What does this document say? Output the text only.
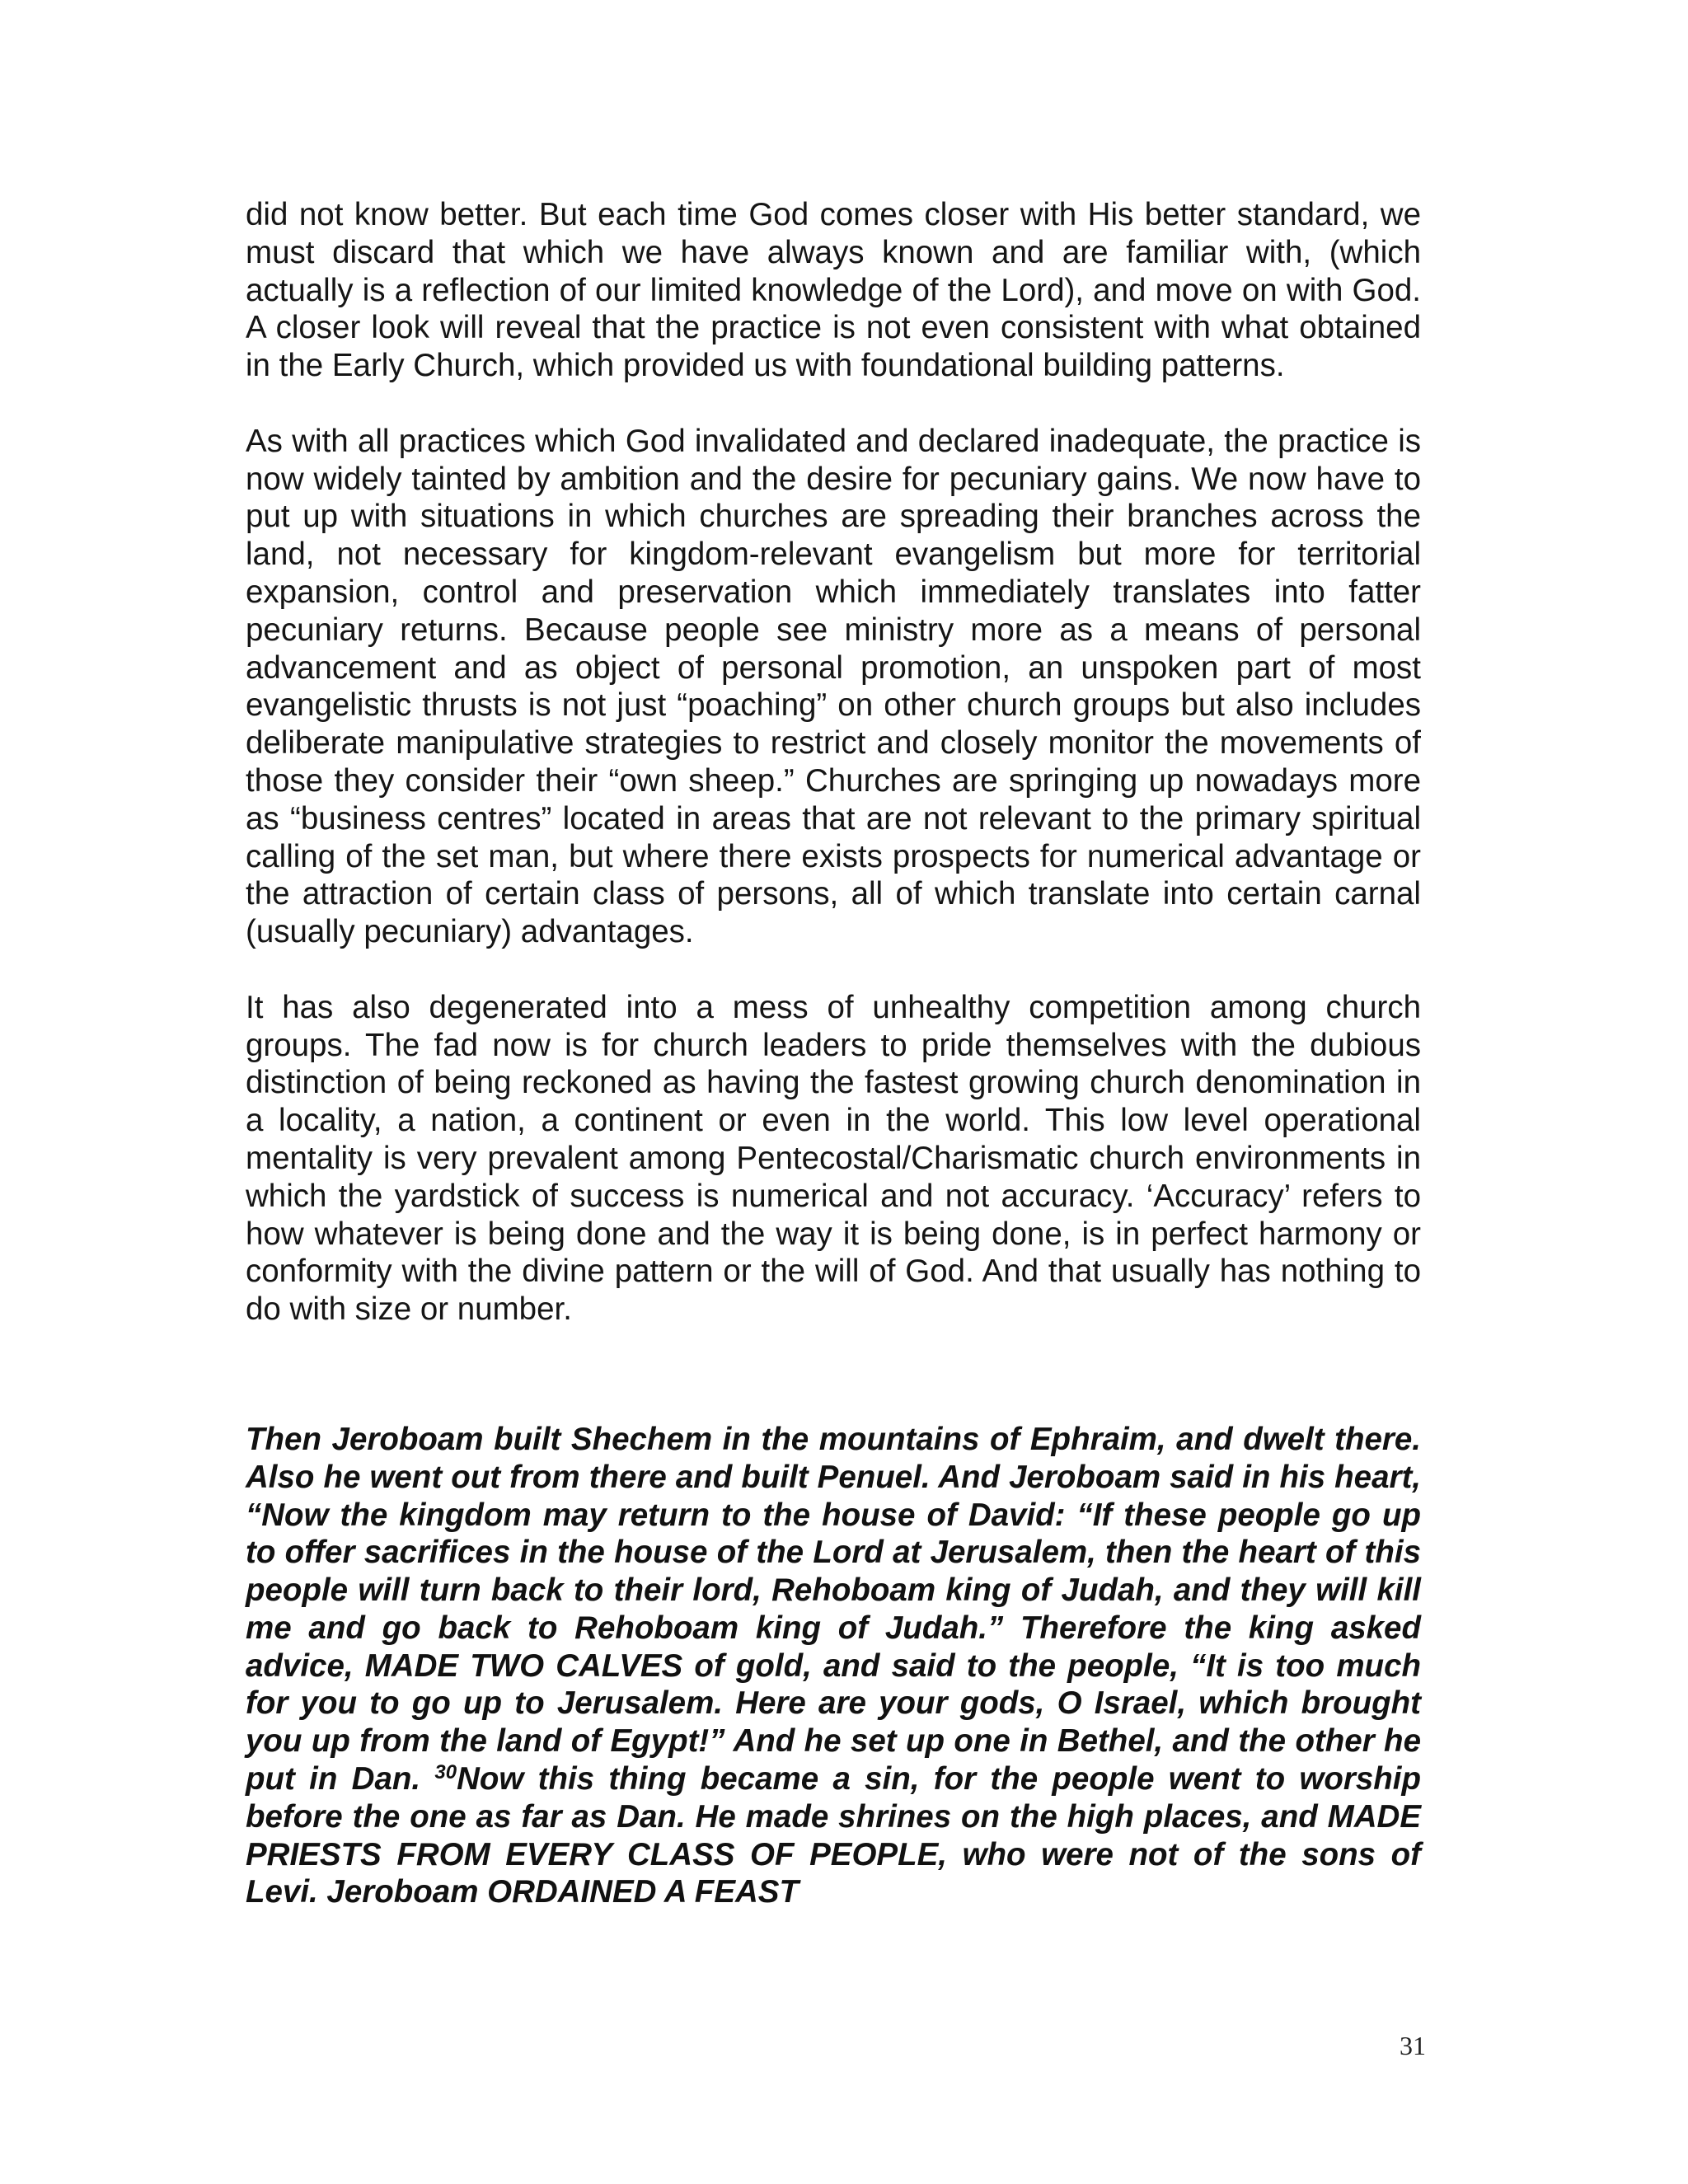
did not know better. But each time God comes closer with His better standard, we must discard that which we have always known and are familiar with, (which actually is a reflection of our limited knowledge of the Lord), and move on with God. A closer look will reveal that the practice is not even consistent with what obtained in the Early Church, which provided us with foundational building patterns.

As with all practices which God invalidated and declared inadequate, the practice is now widely tainted by ambition and the desire for pecuniary gains. We now have to put up with situations in which churches are spreading their branches across the land, not necessary for kingdom-relevant evangelism but more for territorial expansion, control and preservation which immediately translates into fatter pecuniary returns. Because people see ministry more as a means of personal advancement and as object of personal promotion, an unspoken part of most evangelistic thrusts is not just “poaching” on other church groups but also includes deliberate manipulative strategies to restrict and closely monitor the movements of those they consider their “own sheep.” Churches are springing up nowadays more as “business centres” located in areas that are not relevant to the primary spiritual calling of the set man, but where there exists prospects for numerical advantage or the attraction of certain class of persons, all of which translate into certain carnal (usually pecuniary) advantages.

It has also degenerated into a mess of unhealthy competition among church groups. The fad now is for church leaders to pride themselves with the dubious distinction of being reckoned as having the fastest growing church denomination in a locality, a nation, a continent or even in the world. This low level operational mentality is very prevalent among Pentecostal/Charismatic church environments in which the yardstick of success is numerical and not accuracy. ‘Accuracy’ refers to how whatever is being done and the way it is being done, is in perfect harmony or conformity with the divine pattern or the will of God. And that usually has nothing to do with size or number.

Then Jeroboam built Shechem in the mountains of Ephraim, and dwelt there. Also he went out from there and built Penuel. And Jeroboam said in his heart, “Now the kingdom may return to the house of David: “If these people go up to offer sacrifices in the house of the Lord at Jerusalem, then the heart of this people will turn back to their lord, Rehoboam king of Judah, and they will kill me and go back to Rehoboam king of Judah.” Therefore the king asked advice, MADE TWO CALVES of gold, and said to the people, “It is too much for you to go up to Jerusalem. Here are your gods, O Israel, which brought you up from the land of Egypt!” And he set up one in Bethel, and the other he put in Dan. $^{30}$Now this thing became a sin, for the people went to worship before the one as far as Dan. He made shrines on the high places, and MADE PRIESTS FROM EVERY CLASS OF PEOPLE, who were not of the sons of Levi. Jeroboam ORDAINED A FEAST

31
